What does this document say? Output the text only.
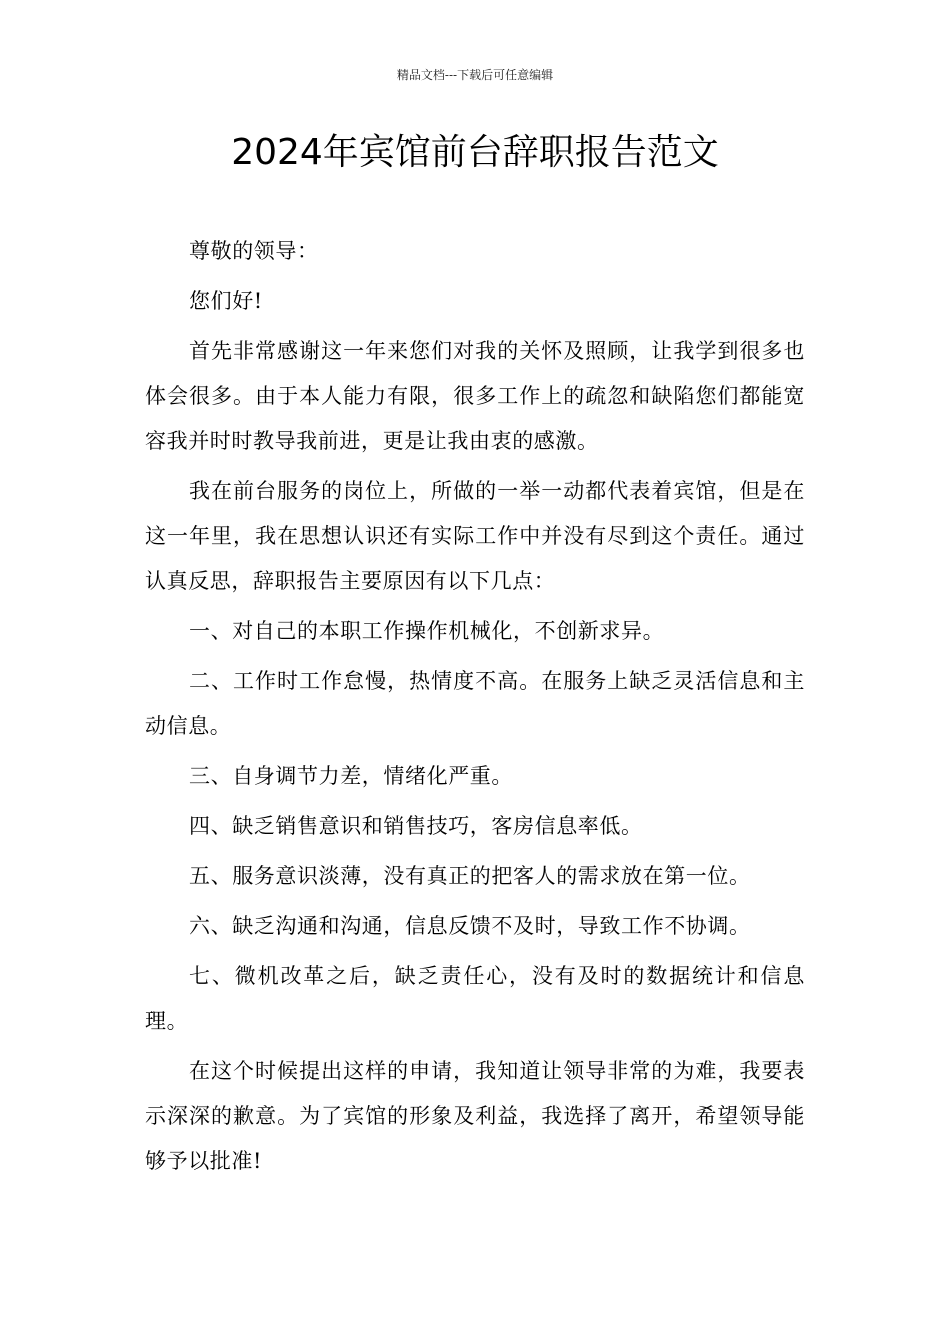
精品文档---下载后可任意编辑
2024年宾馆前台辞职报告范文

尊敬的领导：

您们好!

首先非常感谢这一年来您们对我的关怀及照顾，让我学到很多也体会很多。由于本人能力有限，很多工作上的疏忽和缺陷您们都能宽容我并时时教导我前进，更是让我由衷的感激。

我在前台服务的岗位上，所做的一举一动都代表着宾馆，但是在这一年里，我在思想认识还有实际工作中并没有尽到这个责任。通过认真反思，辞职报告主要原因有以下几点：

一、对自己的本职工作操作机械化，不创新求异。

二、工作时工作怠慢，热情度不高。在服务上缺乏灵活信息和主动信息。

三、自身调节力差，情绪化严重。

四、缺乏销售意识和销售技巧，客房信息率低。

五、服务意识淡薄，没有真正的把客人的需求放在第一位。

六、缺乏沟通和沟通，信息反馈不及时，导致工作不协调。

七、微机改革之后，缺乏责任心，没有及时的数据统计和信息理。

在这个时候提出这样的申请，我知道让领导非常的为难，我要表示深深的歉意。为了宾馆的形象及利益，我选择了离开，希望领导能够予以批准!
